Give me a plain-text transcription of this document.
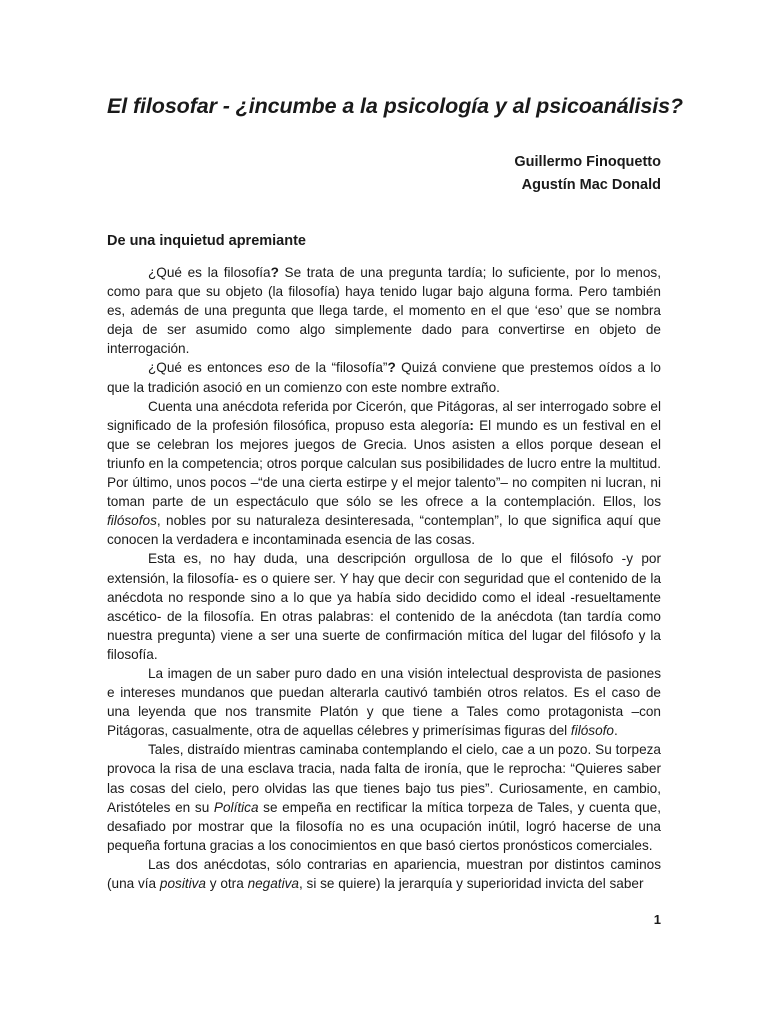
El filosofar - ¿incumbe a la psicología y al psicoanálisis?
Guillermo Finoquetto
Agustín Mac Donald
De una inquietud apremiante

¿Qué es la filosofía? Se trata de una pregunta tardía; lo suficiente, por lo menos, como para que su objeto (la filosofía) haya tenido lugar bajo alguna forma. Pero también es, además de una pregunta que llega tarde, el momento en el que ‘eso’ que se nombra deja de ser asumido como algo simplemente dado para convertirse en objeto de interrogación.

¿Qué es entonces eso de la “filosofía”? Quizá conviene que prestemos oídos a lo que la tradición asoció en un comienzo con este nombre extraño.

Cuenta una anécdota referida por Cicerón, que Pitágoras, al ser interrogado sobre el significado de la profesión filosófica, propuso esta alegoría: El mundo es un festival en el que se celebran los mejores juegos de Grecia. Unos asisten a ellos porque desean el triunfo en la competencia; otros porque calculan sus posibilidades de lucro entre la multitud. Por último, unos pocos –“de una cierta estirpe y el mejor talento”– no compiten ni lucran, ni toman parte de un espectáculo que sólo se les ofrece a la contemplación. Ellos, los filósofos, nobles por su naturaleza desinteresada, “contemplan”, lo que significa aquí que conocen la verdadera e incontaminada esencia de las cosas.

Esta es, no hay duda, una descripción orgullosa de lo que el filósofo -y por extensión, la filosofía- es o quiere ser. Y hay que decir con seguridad que el contenido de la anécdota no responde sino a lo que ya había sido decidido como el ideal -resueltamente ascético- de la filosofía. En otras palabras: el contenido de la anécdota (tan tardía como nuestra pregunta) viene a ser una suerte de confirmación mítica del lugar del filósofo y la filosofía.

La imagen de un saber puro dado en una visión intelectual desprovista de pasiones e intereses mundanos que puedan alterarla cautivó también otros relatos. Es el caso de una leyenda que nos transmite Platón y que tiene a Tales como protagonista –con Pitágoras, casualmente, otra de aquellas célebres y primerísimas figuras del filósofo.

Tales, distraído mientras caminaba contemplando el cielo, cae a un pozo. Su torpeza provoca la risa de una esclava tracia, nada falta de ironía, que le reprocha: “Quieres saber las cosas del cielo, pero olvidas las que tienes bajo tus pies”. Curiosamente, en cambio, Aristóteles en su Política se empeña en rectificar la mítica torpeza de Tales, y cuenta que, desafiado por mostrar que la filosofía no es una ocupación inútil, logró hacerse de una pequeña fortuna gracias a los conocimientos en que basó ciertos pronósticos comerciales.

Las dos anécdotas, sólo contrarias en apariencia, muestran por distintos caminos (una vía positiva y otra negativa, si se quiere) la jerarquía y superioridad invicta del saber

1
